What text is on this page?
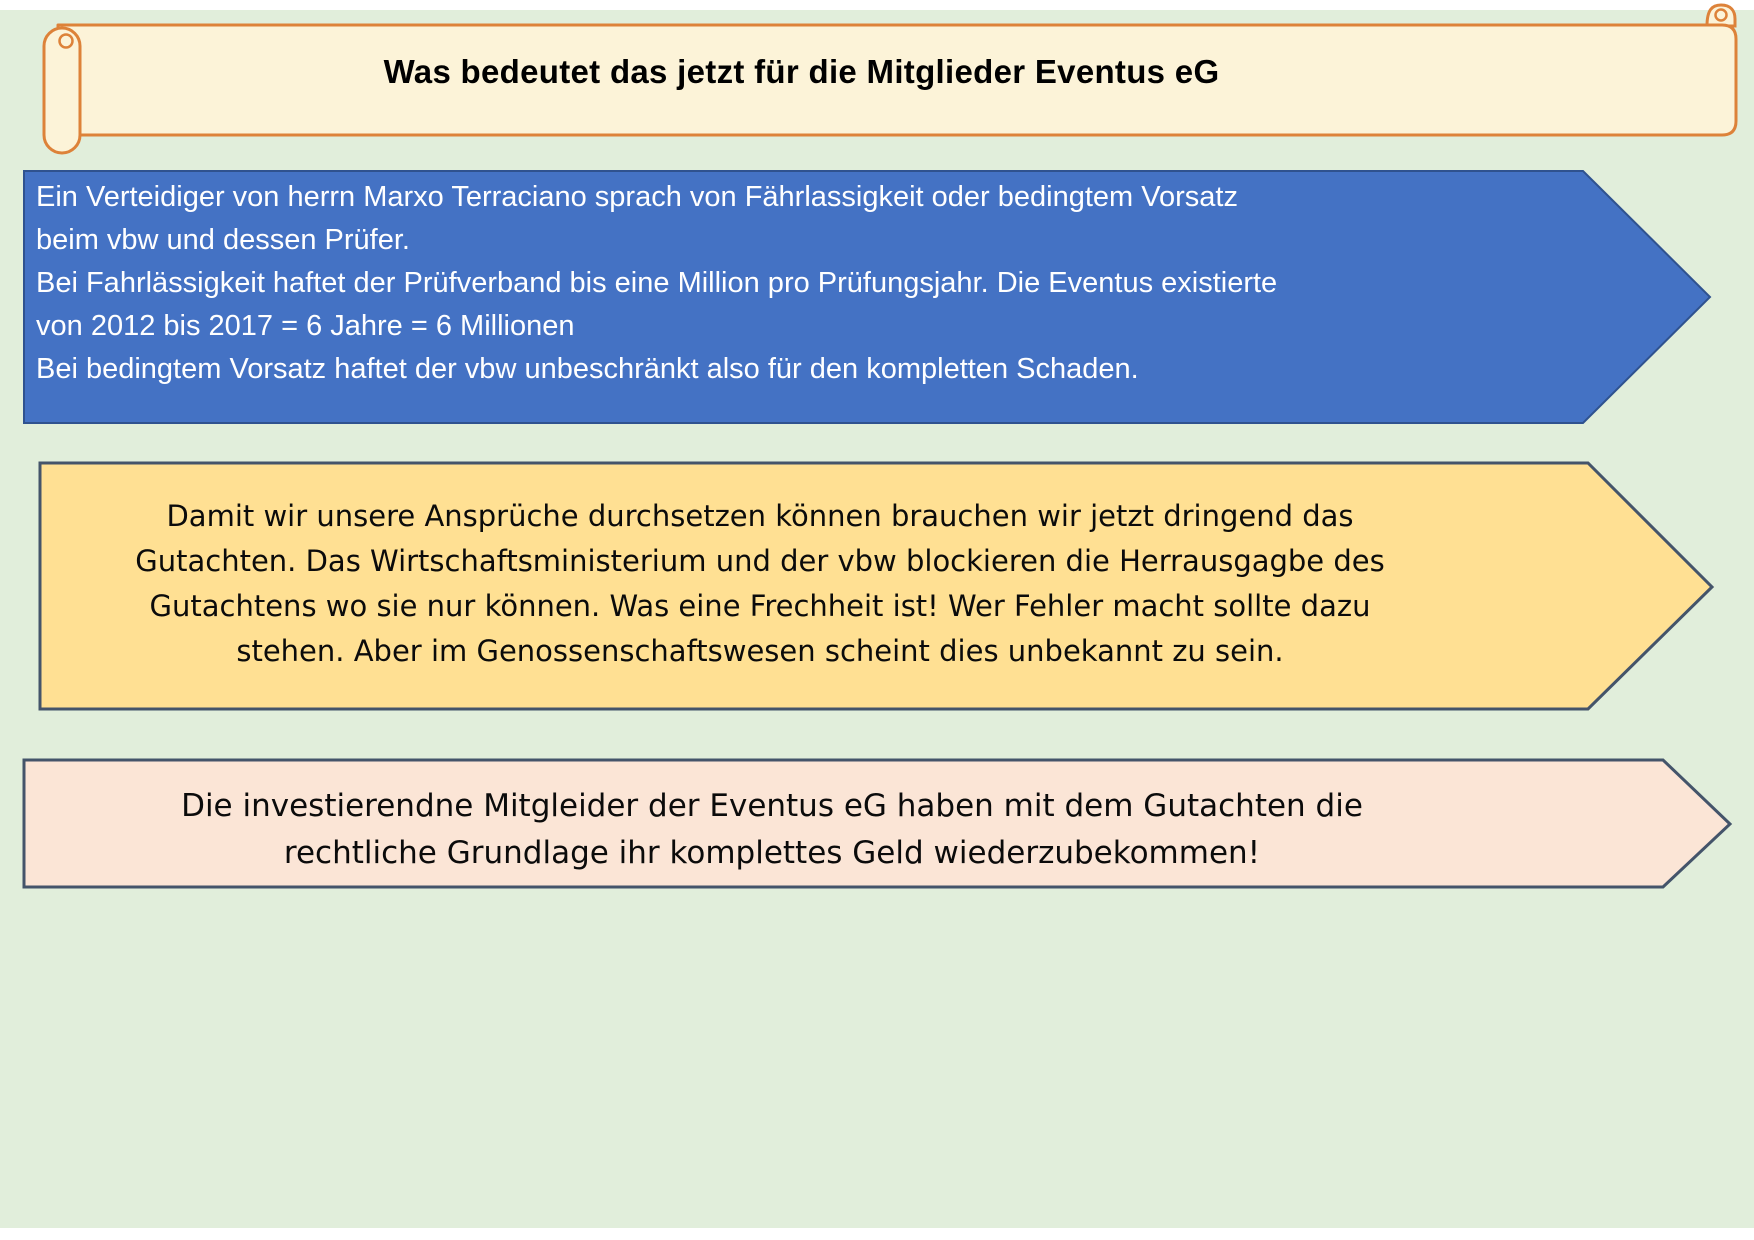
Was bedeutet das jetzt für die Mitglieder Eventus eG
Ein Verteidiger von herrn Marxo Terraciano sprach von Fährlassigkeit oder bedingtem Vorsatz
beim vbw und dessen Prüfer.
Bei Fahrlässigkeit haftet der Prüfverband bis eine Million pro Prüfungsjahr. Die Eventus existierte
von 2012 bis 2017 = 6 Jahre = 6 Millionen
Bei bedingtem Vorsatz haftet der vbw unbeschränkt also für den kompletten Schaden.
Damit wir unsere Ansprüche durchsetzen können brauchen wir jetzt dringend das
Gutachten. Das Wirtschaftsministerium und der vbw blockieren die Herrausgagbe des
Gutachtens wo sie nur können. Was eine Frechheit ist! Wer Fehler macht sollte dazu
stehen. Aber im Genossenschaftswesen scheint dies unbekannt zu sein.
Die investierendne Mitgleider der Eventus eG haben mit dem Gutachten die
rechtliche Grundlage ihr komplettes Geld wiederzubekommen!
